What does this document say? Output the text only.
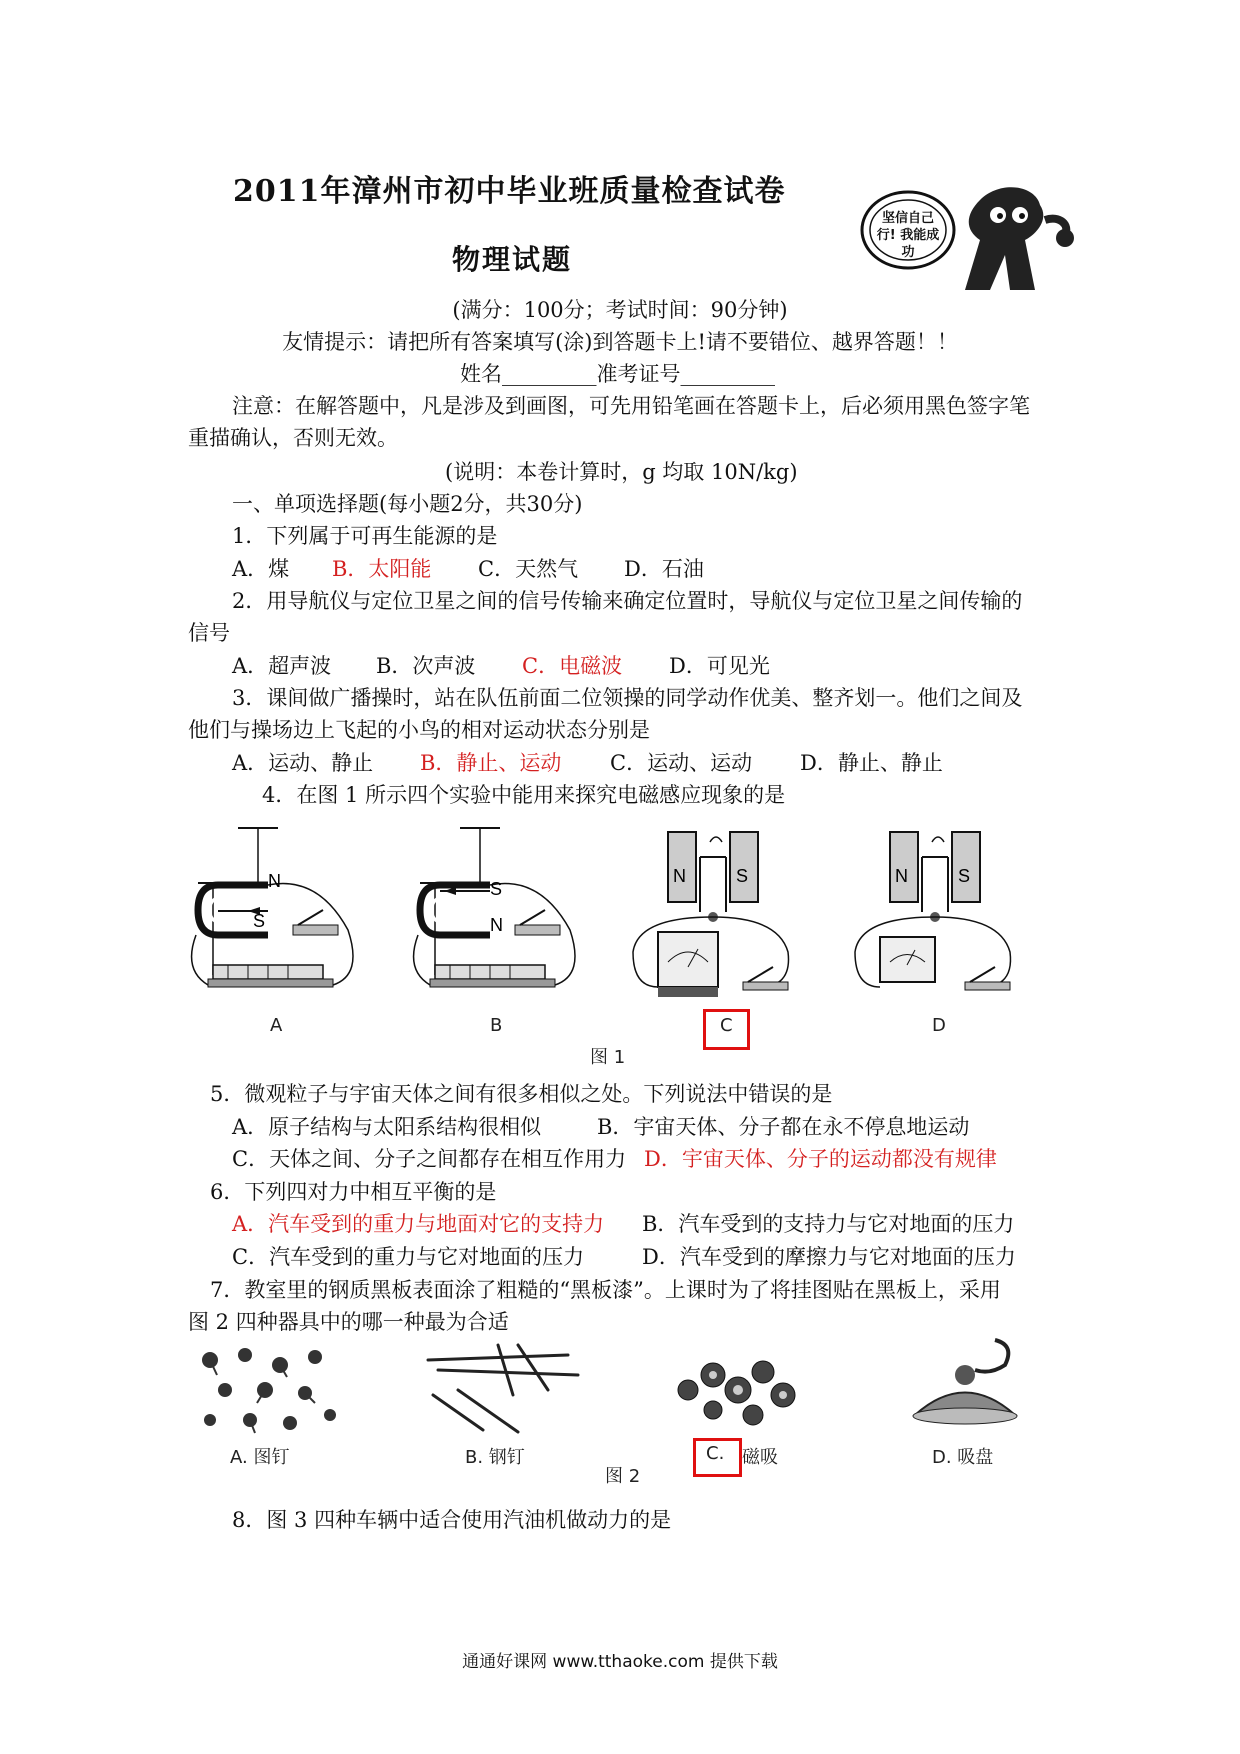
2011年漳州市初中毕业班质量检查试卷
物理试题
坚信自己 行! 我能成功
(满分：100分；考试时间：90分钟)
友情提示：请把所有答案填写(涂)到答题卡上!请不要错位、越界答题！！
姓名_________准考证号_________
注意：在解答题中，凡是涉及到画图，可先用铅笔画在答题卡上，后必须用黑色签字笔
重描确认，否则无效。
(说明：本卷计算时，g 均取 10N/kg)
一、单项选择题(每小题2分，共30分)
1．下列属于可再生能源的是
A．煤 B．太阳能 C．天然气 D．石油
2．用导航仪与定位卫星之间的信号传输来确定位置时，导航仪与定位卫星之间传输的
信号
A．超声波 B．次声波 C．电磁波 D．可见光
3．课间做广播操时，站在队伍前面二位领操的同学动作优美、整齐划一。他们之间及
他们与操场边上飞起的小鸟的相对运动状态分别是
A．运动、静止 B．静止、运动 C．运动、运动 D．静止、静止
4．在图 1 所示四个实验中能用来探究电磁感应现象的是
N
S
S
N
N	S	N	S
A	B	C	D
图 1
5．微观粒子与宇宙天体之间有很多相似之处。下列说法中错误的是
A．原子结构与太阳系结构很相似	B．宇宙天体、分子都在永不停息地运动
C．天体之间、分子之间都存在相互作用力 D．宇宙天体、分子的运动都没有规律
6．下列四对力中相互平衡的是
A．汽车受到的重力与地面对它的支持力 B．汽车受到的支持力与它对地面的压力
C．汽车受到的重力与它对地面的压力	D．汽车受到的摩擦力与它对地面的压力
7．教室里的钢质黑板表面涂了粗糙的“黑板漆”。上课时为了将挂图贴在黑板上，采用
图 2 四种器具中的哪一种最为合适
A. 图钉	B. 钢钉
图 2
C. 磁吸	D. 吸盘
8．图 3 四种车辆中适合使用汽油机做动力的是
通通好课网 www.tthaoke.com 提供下载
